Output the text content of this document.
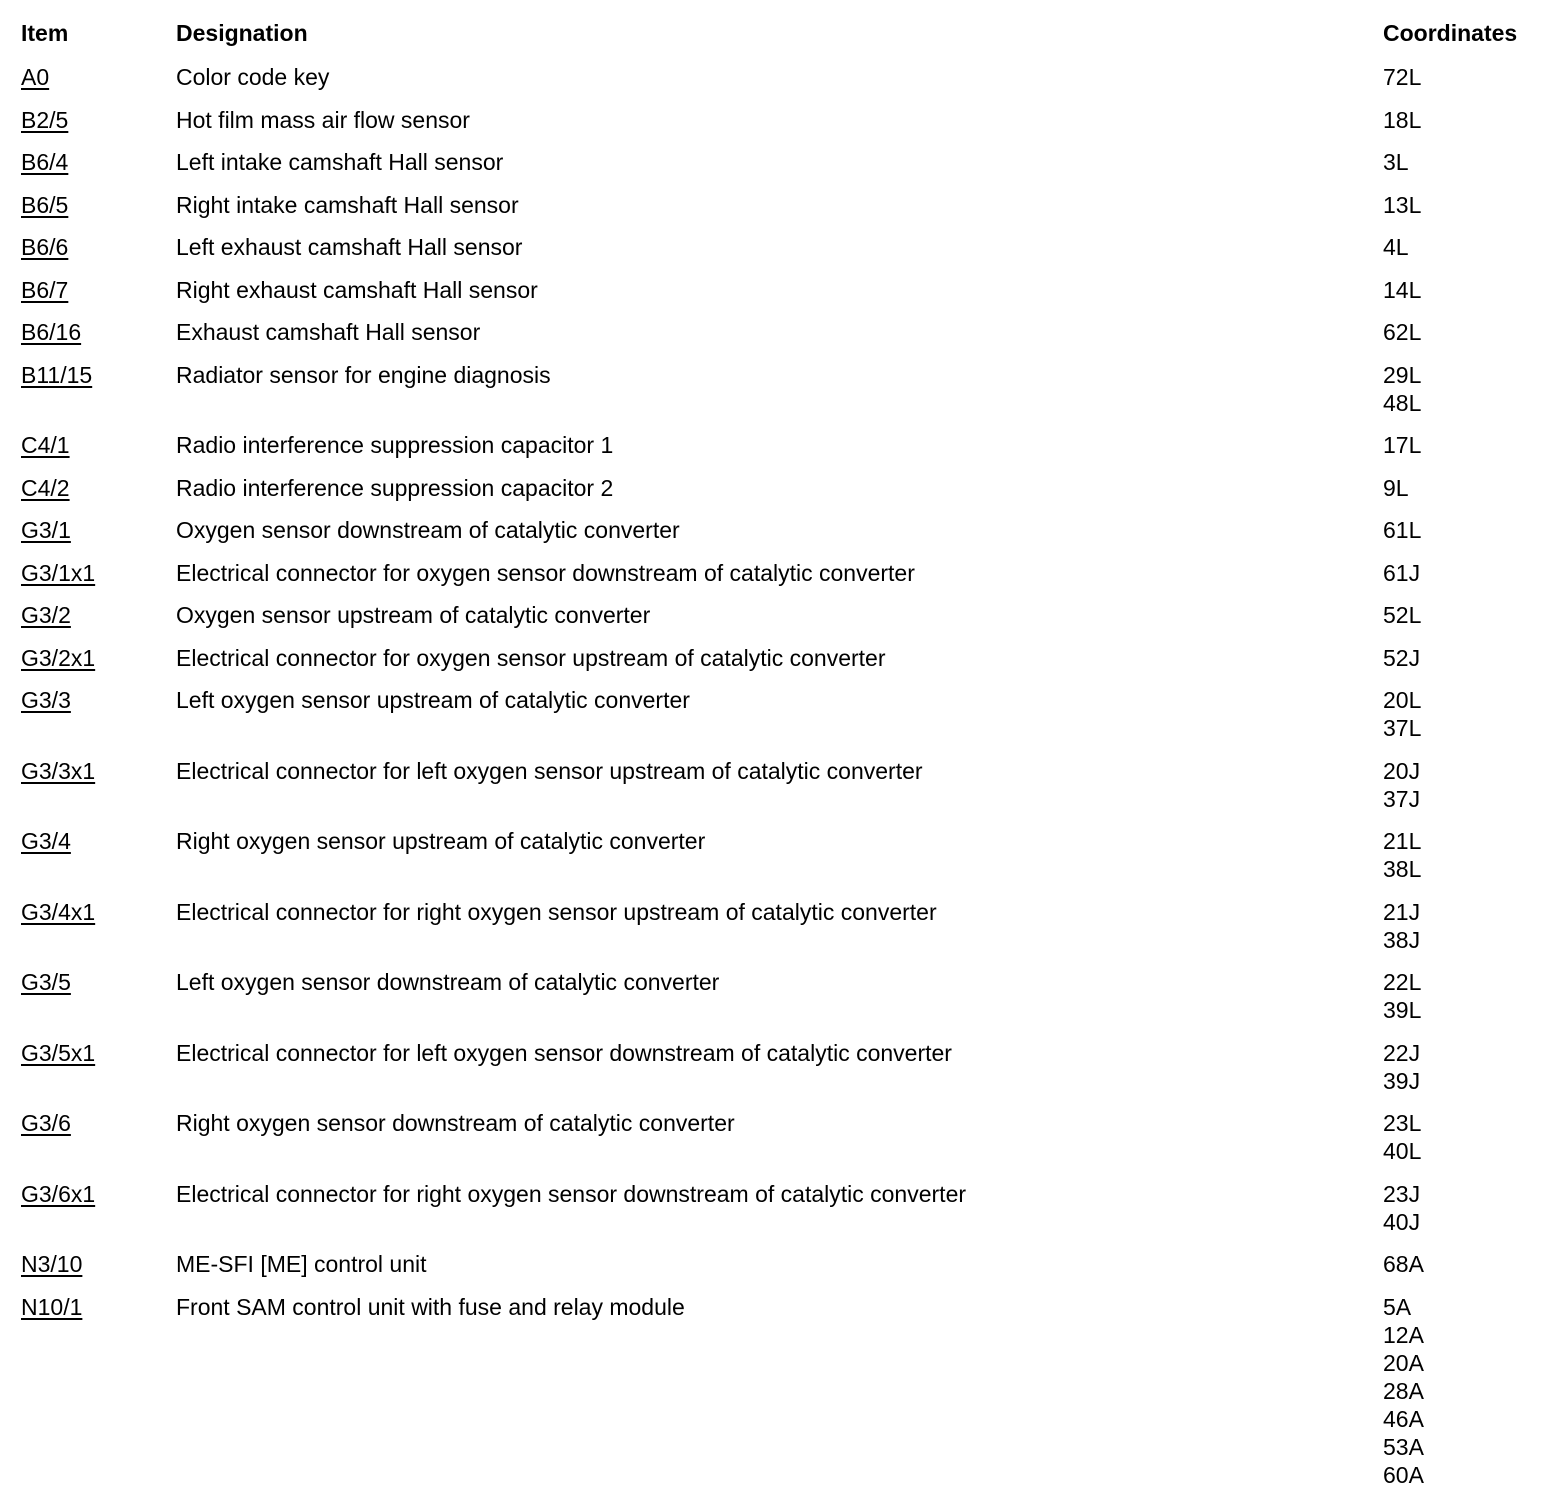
Item	Designation	Coordinates
A0	Color code key	72L
B2/5	Hot film mass air flow sensor	18L
B6/4	Left intake camshaft Hall sensor	3L
B6/5	Right intake camshaft Hall sensor	13L
B6/6	Left exhaust camshaft Hall sensor	4L
B6/7	Right exhaust camshaft Hall sensor	14L
B6/16	Exhaust camshaft Hall sensor	62L
B11/15	Radiator sensor for engine diagnosis	29L
48L
C4/1	Radio interference suppression capacitor 1	17L
C4/2	Radio interference suppression capacitor 2	9L
G3/1	Oxygen sensor downstream of catalytic converter	61L
G3/1x1	Electrical connector for oxygen sensor downstream of catalytic converter	61J
G3/2	Oxygen sensor upstream of catalytic converter	52L
G3/2x1	Electrical connector for oxygen sensor upstream of catalytic converter	52J
G3/3	Left oxygen sensor upstream of catalytic converter	20L
37L
G3/3x1	Electrical connector for left oxygen sensor upstream of catalytic converter	20J
37J
G3/4	Right oxygen sensor upstream of catalytic converter	21L
38L
G3/4x1	Electrical connector for right oxygen sensor upstream of catalytic converter	21J
38J
G3/5	Left oxygen sensor downstream of catalytic converter	22L
39L
G3/5x1	Electrical connector for left oxygen sensor downstream of catalytic converter	22J
39J
G3/6	Right oxygen sensor downstream of catalytic converter	23L
40L
G3/6x1	Electrical connector for right oxygen sensor downstream of catalytic converter	23J
40J
N3/10	ME-SFI [ME] control unit	68A
N10/1	Front SAM control unit with fuse and relay module	5A
12A
20A
28A
46A
53A
60A
